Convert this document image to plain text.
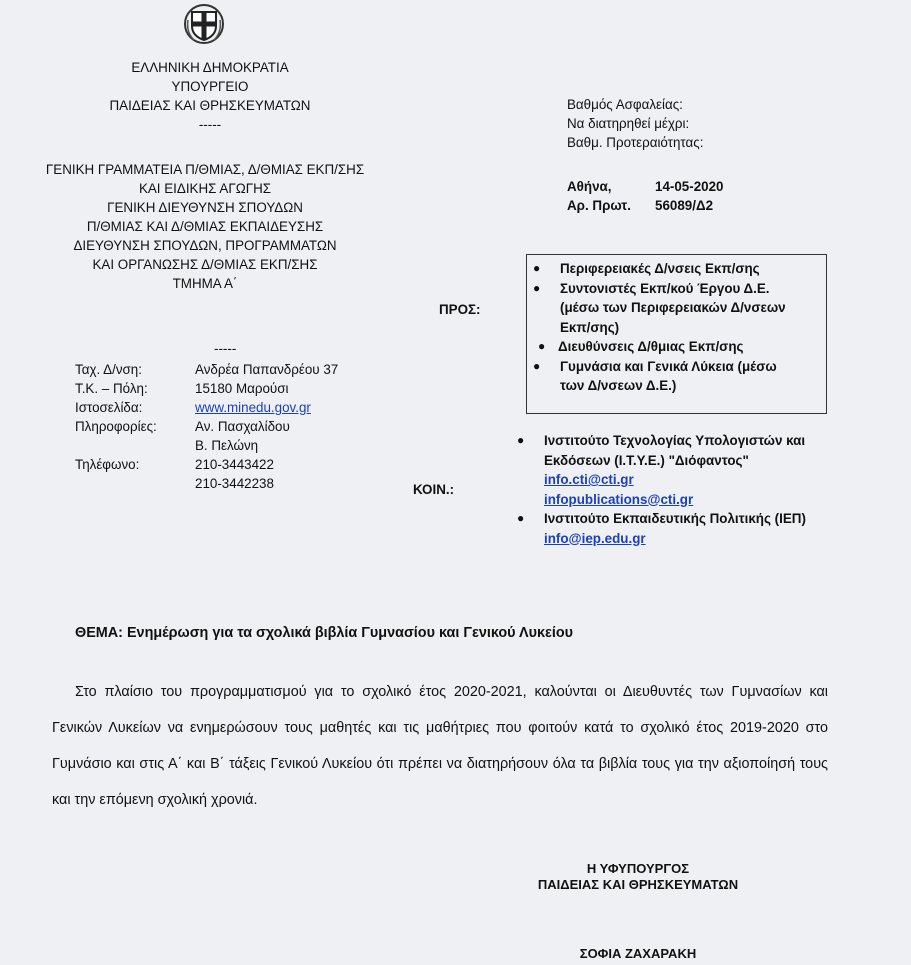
ΕΛΛΗΝΙΚΗ ΔΗΜΟΚΡΑΤΙΑ
ΥΠΟΥΡΓΕΙΟ
ΠΑΙΔΕΙΑΣ ΚΑΙ ΘΡΗΣΚΕΥΜΑΤΩΝ
-----
ΓΕΝΙΚΗ ΓΡΑΜΜΑΤΕΙΑ Π/ΘΜΙΑΣ, Δ/ΘΜΙΑΣ ΕΚΠ/ΣΗΣ
ΚΑΙ ΕΙΔΙΚΗΣ ΑΓΩΓΗΣ
ΓΕΝΙΚΗ ΔΙΕΥΘΥΝΣΗ ΣΠΟΥΔΩΝ
Π/ΘΜΙΑΣ ΚΑΙ Δ/ΘΜΙΑΣ ΕΚΠΑΙΔΕΥΣΗΣ
ΔΙΕΥΘΥΝΣΗ ΣΠΟΥΔΩΝ, ΠΡΟΓΡΑΜΜΑΤΩΝ
ΚΑΙ ΟΡΓΑΝΩΣΗΣ Δ/ΘΜΙΑΣ ΕΚΠ/ΣΗΣ
ΤΜΗΜΑ Α΄
-----
Ταχ. Δ/νση:	Ανδρέα Παπανδρέου 37
Τ.Κ. – Πόλη:	15180 Μαρούσι
Ιστοσελίδα:	www.minedu.gov.gr
Πληροφορίες:	Αν. Πασχαλίδου
Β. Πελώνη
Τηλέφωνο:	210-3443422
210-3442238
Βαθμός Ασφαλείας:
Να διατηρηθεί μέχρι:
Βαθμ. Προτεραιότητας:
Αθήνα,	14-05-2020
Αρ. Πρωτ.	56089/Δ2
ΠΡΟΣ:
●	Περιφερειακές Δ/νσεις Εκπ/σης
●	Συντονιστές Εκπ/κού Έργου Δ.Ε.
(μέσω των Περιφερειακών Δ/νσεων
Εκπ/σης)
● Διευθύνσεις Δ/θμιας Εκπ/σης
●	Γυμνάσια και Γενικά Λύκεια (μέσω
των Δ/νσεων Δ.Ε.)
ΚΟΙΝ.:
●	Ινστιτούτο Τεχνολογίας Υπολογιστών και
Εκδόσεων (Ι.Τ.Υ.Ε.) "Διόφαντος"
info.cti@cti.gr
infopublications@cti.gr
●	Ινστιτούτο Εκπαιδευτικής Πολιτικής (ΙΕΠ)
info@iep.edu.gr
ΘΕΜΑ: Ενημέρωση για τα σχολικά βιβλία Γυμνασίου και Γενικού Λυκείου
Στο πλαίσιο του προγραμματισμού για το σχολικό έτος 2020-2021, καλούνται οι Διευθυντές των Γυμνασίων και Γενικών Λυκείων να ενημερώσουν τους μαθητές και τις μαθήτριες που φοιτούν κατά το σχολικό έτος 2019-2020 στο Γυμνάσιο και στις Α΄ και Β΄ τάξεις Γενικού Λυκείου ότι πρέπει να διατηρήσουν όλα τα βιβλία τους για την αξιοποίησή τους και την επόμενη σχολική χρονιά.
Η ΥΦΥΠΟΥΡΓΟΣ
ΠΑΙΔΕΙΑΣ ΚΑΙ ΘΡΗΣΚΕΥΜΑΤΩΝ
ΣΟΦΙΑ ΖΑΧΑΡΑΚΗ
